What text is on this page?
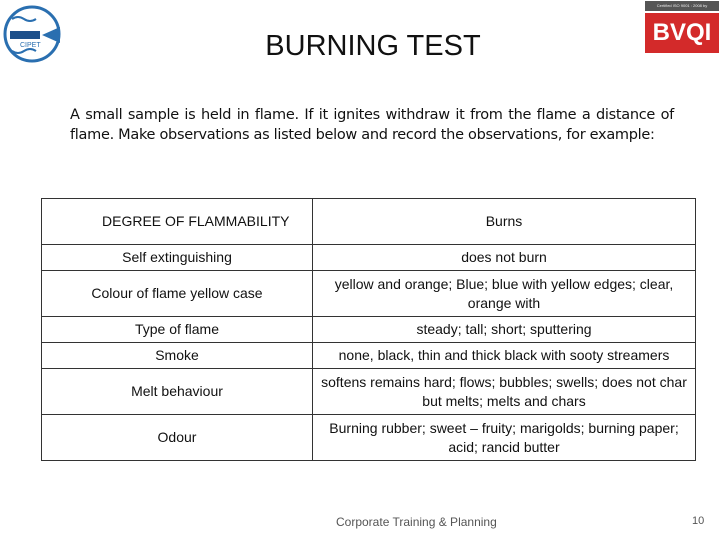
CIPET
Certified ISO 9001 : 2008 by
BVQI
BURNING TEST
A small sample is held in flame. If it ignites withdraw it from the flame a distance of flame. Make observations as listed below and record the observations, for example:
DEGREE OF FLAMMABILITY	Burns
Self extinguishing	does not burn
Colour of flame yellow case	yellow and orange; Blue; blue with yellow edges; clear, orange with
Type of flame	steady; tall; short; sputtering
Smoke	none, black, thin and thick black with sooty streamers
Melt behaviour	softens remains hard; flows; bubbles; swells; does not char but melts; melts and chars
Odour	Burning rubber; sweet – fruity; marigolds; burning paper; acid; rancid butter
Corporate Training & Planning	10
